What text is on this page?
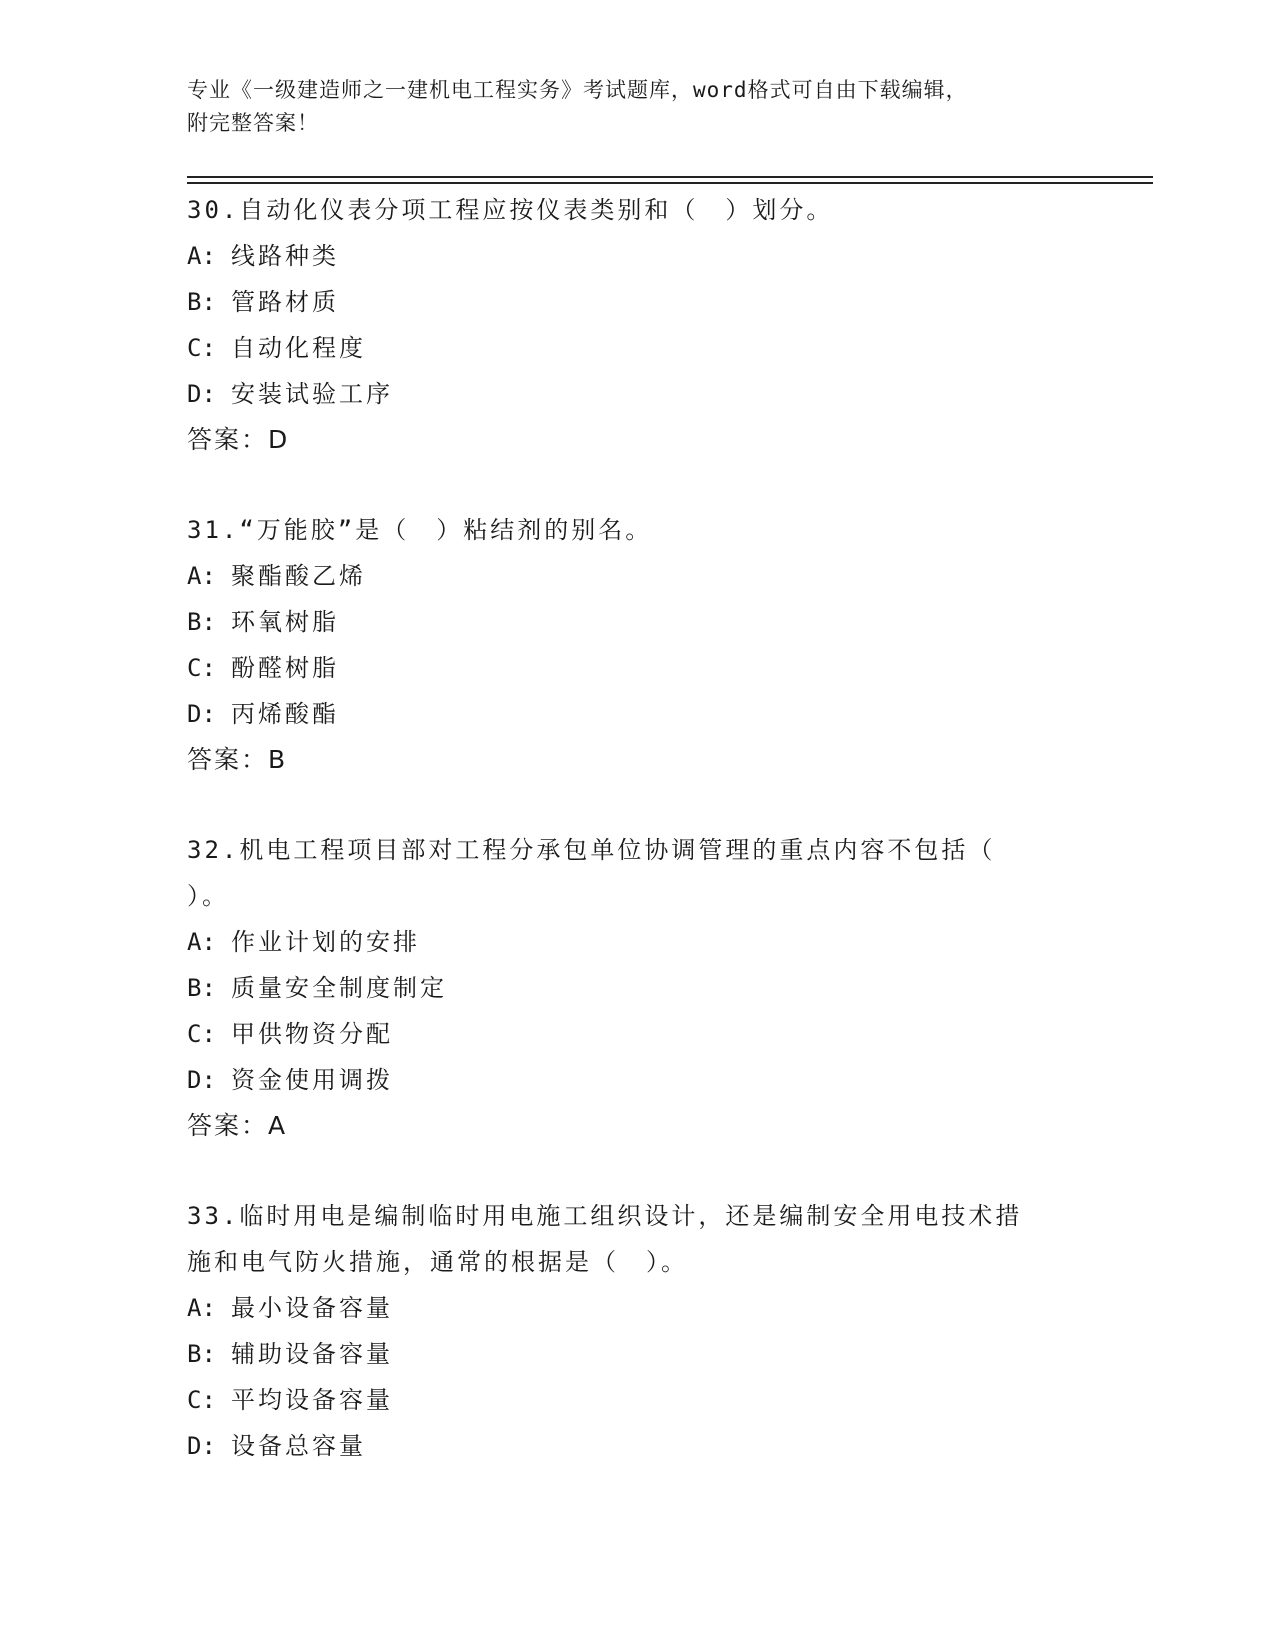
专业《一级建造师之一建机电工程实务》考试题库，word格式可自由下载编辑，
附完整答案！
30.自动化仪表分项工程应按仪表类别和（　）划分。
A: 线路种类
B: 管路材质
C: 自动化程度
D: 安装试验工序
答案：D
31.“万能胶”是（　）粘结剂的别名。
A: 聚酯酸乙烯
B: 环氧树脂
C: 酚醛树脂
D: 丙烯酸酯
答案：B
32.机电工程项目部对工程分承包单位协调管理的重点内容不包括（
）。
A: 作业计划的安排
B: 质量安全制度制定
C: 甲供物资分配
D: 资金使用调拨
答案：A
33.临时用电是编制临时用电施工组织设计，还是编制安全用电技术措
施和电气防火措施，通常的根据是（　）。
A: 最小设备容量
B: 辅助设备容量
C: 平均设备容量
D: 设备总容量
